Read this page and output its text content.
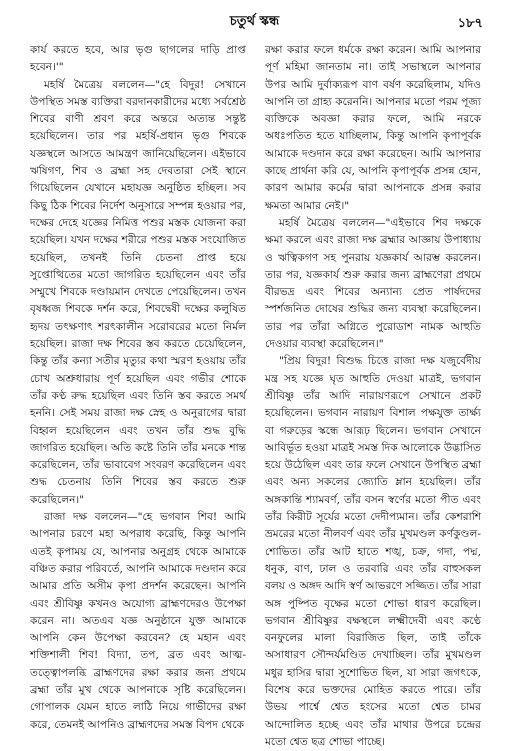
চতুর্থ স্কন্ধ	১৮৭

কার্য করতে হবে, আর ভৃগু ছাগলের দাড়ি প্রাপ্ত হবেন।'"

মহর্ষি মৈত্রেয় বললেন—"হে বিদুর! সেখানে উপস্থিত সমস্ত ব্যক্তিরা বরদানকারীদের মধ্যে সর্বশ্রেষ্ঠ শিবের বাণী শ্রবণ করে অন্তরে অত্যন্ত সন্তুষ্ট হয়েছিলেন। তার পর মহর্ষি-প্রধান ভৃগু শিবকে যজ্ঞস্থলে আসতে আমন্ত্রণ জানিয়েছিলেন। এইভাবে ঋষিগণ, শিব ও ব্রহ্মা সহ দেবতারা সেই স্থানে গিয়েছিলেন যেখানে মহাযজ্ঞ অনুষ্ঠিত হচ্ছিল। সব কিছু ঠিক শিবের নির্দেশ অনুসারে সম্পন্ন হওয়ার পর, দক্ষের দেহে যজ্ঞের নিমিত্ত পশুর মস্তক যোজনা করা হয়েছিল। যখন দক্ষের শরীরে পশুর মস্তক সংযোজিত হয়েছিল, তখনই তিনি চেতনা প্রাপ্ত হয়ে সুপ্তোত্থিতের মতো জাগরিত হয়েছিলেন এবং তাঁর সম্মুখে শিবকে দণ্ডায়মান দেখতে পেয়েছিলেন। তখন বৃষধ্বজ শিবকে দর্শন করে, শিবদ্বেষী দক্ষের কলুষিত হৃদয় তৎক্ষণাৎ শরৎকালীন সরোবরের মতো নির্মল হয়েছিল। রাজা দক্ষ শিবের স্তব করতে চেয়েছিলেন, কিন্তু তাঁর কন্যা সতীর মৃত্যুর কথা স্মরণ হওয়ায় তাঁর চোখ অশ্রুধারায় পূর্ণ হয়েছিল এবং গভীর শোকে তাঁর কণ্ঠ রুদ্ধ হয়েছিল এবং তিনি স্তব করতে সমর্থ হননি। সেই সময় রাজা দক্ষ স্নেহ ও অনুরাগের দ্বারা বিহ্বল হয়েছিলেন এবং তখন তাঁর শুদ্ধ বুদ্ধি জাগরিত হয়েছিল। অতি কষ্টে তিনি তাঁর মনকে শান্ত করেছিলেন, তাঁর ভাবাবেগ সংবরণ করেছিলেন এবং শুদ্ধ চেতনায় তিনি শিবের স্তব করতে শুরু করেছিলেন।"

রাজা দক্ষ বললেন—"হে ভগবান শিব! আমি আপনার চরণে মহা অপরাধ করেছি, কিন্তু আপনি এতই কৃপাময় যে, আপনার অনুগ্রহ থেকে আমাকে বঞ্চিত করার পরিবর্তে, আপনি আমাকে দণ্ডদান করে আমার প্রতি অসীম কৃপা প্রদর্শন করেছেন। আপনি এবং শ্রীবিষ্ণু কখনও অযোগ্য ব্রাহ্মণদেরও উপেক্ষা করেন না। অতএব যজ্ঞ অনুষ্ঠানে যুক্ত আমাকে আপনি কেন উপেক্ষা করবেন? হে মহান এবং শক্তিশালী শিব! বিদ্যা, তপ, ব্রত এবং আত্ম-তত্ত্বোপলব্ধি ব্রাহ্মণদের রক্ষা করার জন্য প্রথমে ব্রহ্মা তাঁর মুখ থেকে আপনাকে সৃষ্টি করেছিলেন। গোপালক যেমন হাতে লাঠি নিয়ে গাভীদের রক্ষা করে, তেমনই আপনিও ব্রাহ্মণদের সমস্ত বিপদ থেকে

রক্ষা করার ফলে ধর্মকে রক্ষা করেন। আমি আপনার পূর্ণ মহিমা জানতাম না। তাই সভাস্থলে আপনার উপর আমি দুর্বাক্যরূপ বাণ বর্ষণ করেছিলাম, যদিও আপনি তা গ্রাহ্য করেননি। আপনার মতো পরম পূজ্য ব্যক্তিকে অবজ্ঞা করার ফলে, আমি নরকে অধঃপতিত হতে যাচ্ছিলাম, কিন্তু আপনি কৃপাপূর্বক আমাকে দণ্ডদান করে রক্ষা করেছেন। আমি আপনার কাছে প্রার্থনা করি যে, আপনি কৃপাপূর্বক প্রসন্ন হোন, কারণ আমার কর্মের দ্বারা আপনাকে প্রসন্ন করার ক্ষমতা আমার নেই।"

মহর্ষি মৈত্রেয় বললেন—"এইভাবে শিব দক্ষকে ক্ষমা করলে এবং রাজা দক্ষ ব্রহ্মার আজ্ঞায় উপাধ্যায় ও ঋত্বিকগণ সহ পুনরায় যজ্ঞকার্য আরম্ভ করলেন। তার পর, যজ্ঞকার্য শুরু করার জন্য ব্রাহ্মণেরা প্রথমে বীরভদ্র এবং শিবের অন্যান্য প্রেত পার্ষদদের স্পর্শজনিত দোষের শুদ্ধির জন্য ব্যবস্থা করেছিলেন। তার পর তাঁরা অগ্নিতে পুরোডাশ নামক আহুতি দেওয়ার ব্যবস্থা করেছিলেন।"

"প্রিয় বিদুর! বিশুদ্ধ চিত্তে রাজা দক্ষ যজুর্বেদীয় মন্ত্র সহ যজ্ঞে ঘৃত আহুতি দেওয়া মাত্রই, ভগবান শ্রীবিষ্ণু তাঁর আদি নারায়ণরূপে সেখানে প্রকট হয়েছিলেন। ভগবান নারায়ণ বিশাল পক্ষযুক্ত তার্ক্ষ্য বা গরুড়ের স্কন্ধে আরূঢ় ছিলেন। ভগবান সেখানে আবির্ভূত হওয়া মাত্রই সমস্ত দিক আলোকে উদ্ভাসিত হয়ে উঠেছিল এবং তার ফলে সেখানে উপস্থিত ব্রহ্মা এবং অন্য সকলের জ্যোতি ম্লান হয়েছিল। তাঁর অঙ্গকান্তি শ্যামবর্ণ, তাঁর বসন স্বর্ণের মতো পীত এবং তাঁর কিরীট সূর্যের মতো দেদীপ্যমান। তাঁর কেশরাশি ভ্রমরের মতো নীলবর্ণ এবং তাঁর মুখমণ্ডল কর্ণকুণ্ডল-শোভিত। তাঁর আট হাতে শঙ্খ, চক্র, গদা, পদ্ম, ধনুক, বাণ, ঢাল ও তরবারি এবং তাঁর বাহুসকল বলয় ও অঙ্গদ আদি স্বর্ণ আভরণে সজ্জিত। তাঁর সারা অঙ্গ পুষ্পিত বৃক্ষের মতো শোভা ধারণ করেছিল। ভগবান শ্রীবিষ্ণুর বক্ষস্থলে লক্ষ্মীদেবী এবং কণ্ঠে বনফুলের মালা বিরাজিত ছিল, তাই তাঁকে অসাধারণ সৌন্দর্যমণ্ডিত দেখাচ্ছিল। তাঁর মুখমণ্ডল মধুর হাসির দ্বারা সুশোভিত ছিল, যা সারা জগৎকে, বিশেষ করে ভক্তদের মোহিত করতে পারে। তাঁর উভয় পার্শ্বে শ্বেত হংসের মতো শ্বেত চামর আন্দোলিত হচ্ছে এবং তাঁর মাথার উপরে চন্দ্রের মতো শ্বেত ছত্র শোভা পাচ্ছে।
